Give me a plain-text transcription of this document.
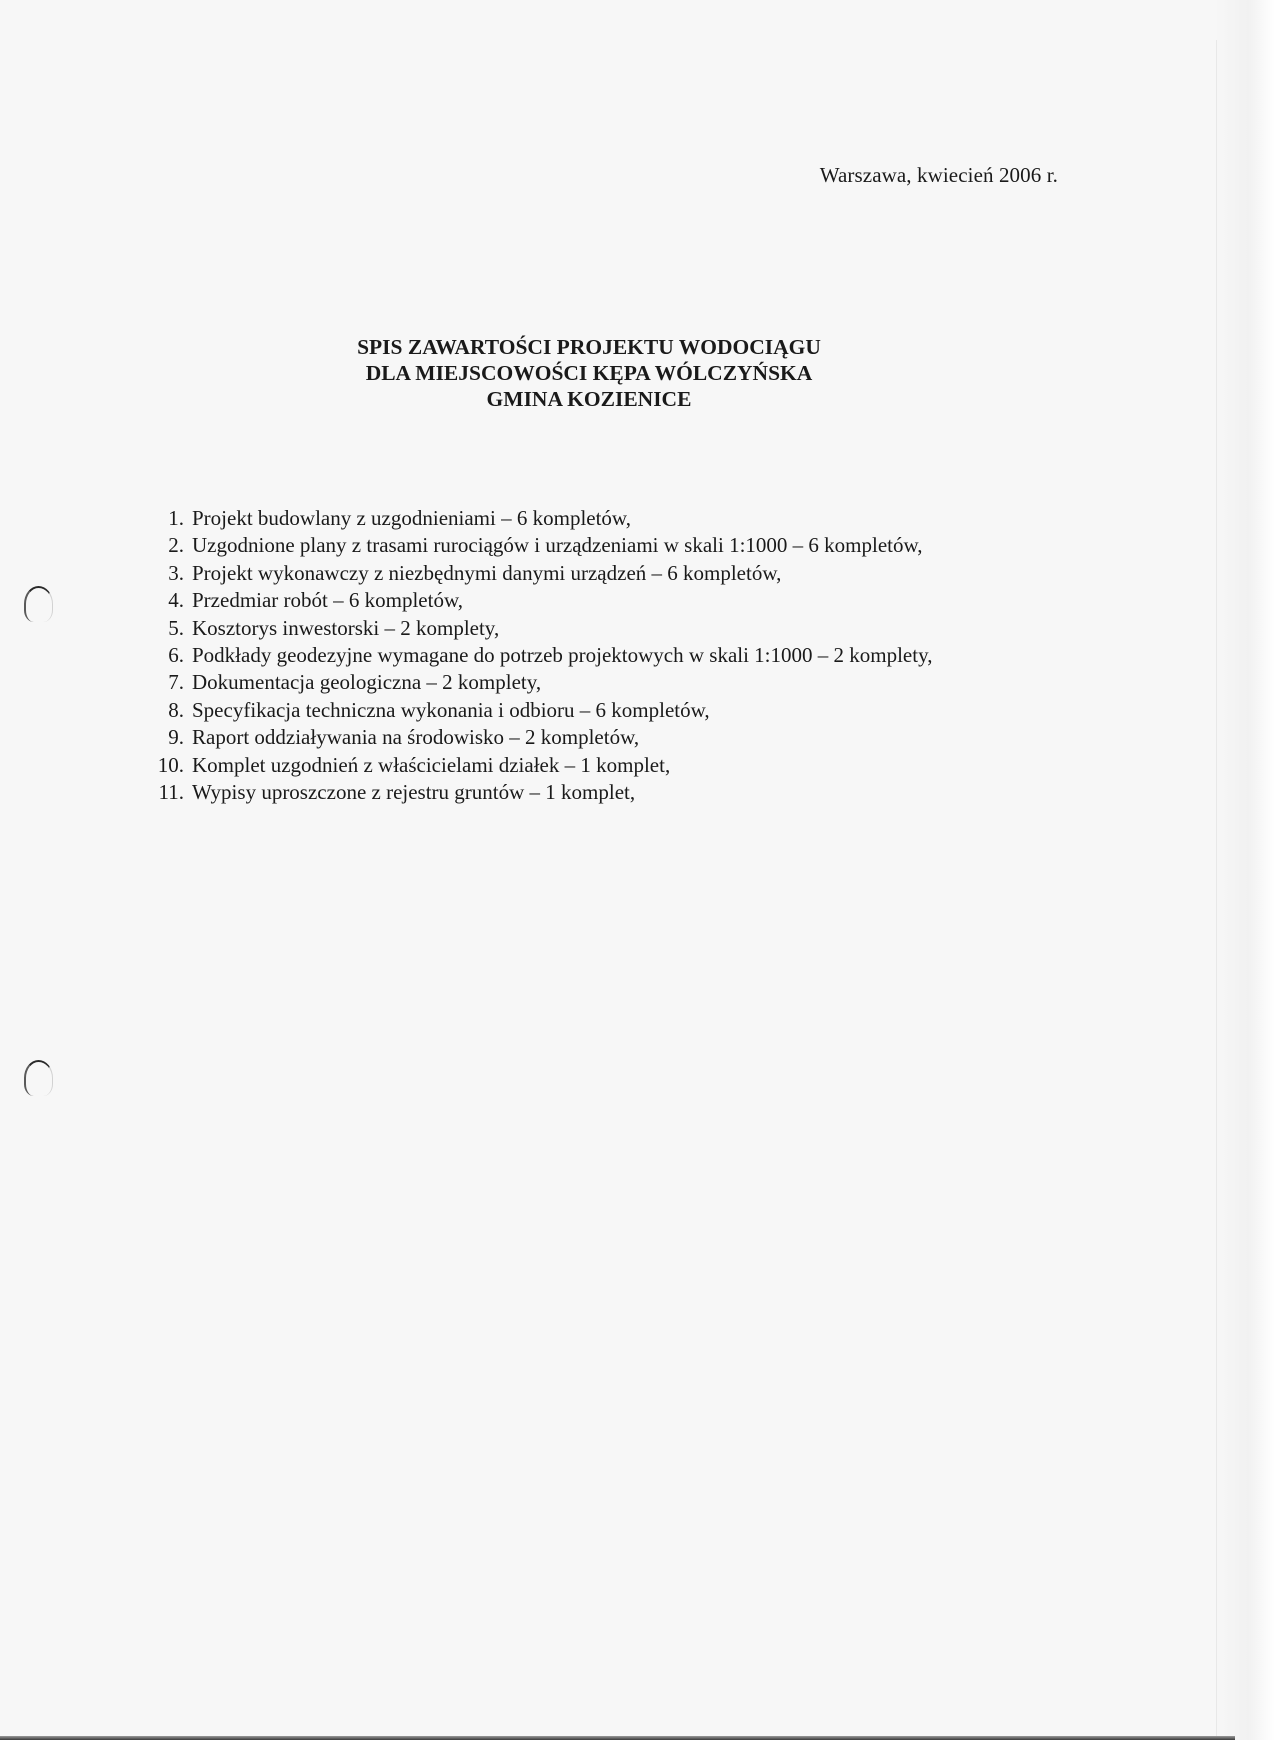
Warszawa, kwiecień 2006 r.
SPIS ZAWARTOŚCI PROJEKTU WODOCIĄGU
DLA MIEJSCOWOŚCI KĘPA WÓLCZYŃSKA
GMINA KOZIENICE
1. Projekt budowlany z uzgodnieniami – 6 kompletów,
2. Uzgodnione plany z trasami rurociągów i urządzeniami w skali 1:1000 – 6 kompletów,
3. Projekt wykonawczy z niezbędnymi danymi urządzeń – 6 kompletów,
4. Przedmiar robót – 6 kompletów,
5. Kosztorys inwestorski – 2 komplety,
6. Podkłady geodezyjne wymagane do potrzeb projektowych w skali 1:1000 – 2 komplety,
7. Dokumentacja geologiczna – 2 komplety,
8. Specyfikacja techniczna wykonania i odbioru – 6 kompletów,
9. Raport oddziaływania na środowisko – 2 kompletów,
10. Komplet uzgodnień z właścicielami działek – 1 komplet,
11. Wypisy uproszczone z rejestru gruntów – 1 komplet,
